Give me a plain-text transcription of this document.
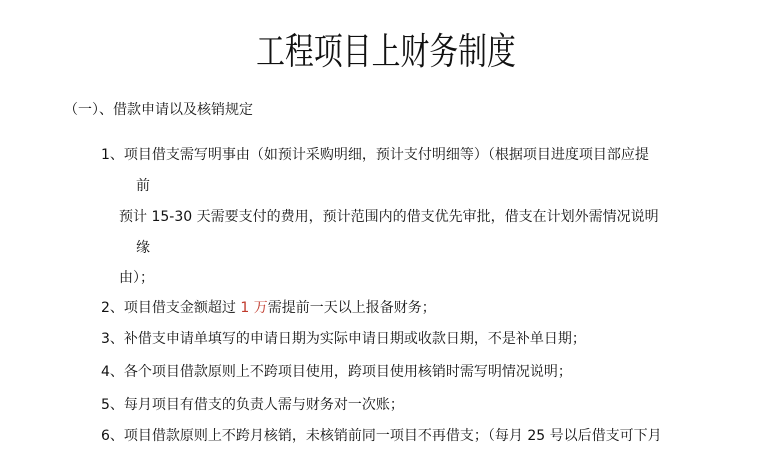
工程项目上财务制度
（一）、借款申请以及核销规定
1、项目借支需写明事由（如预计采购明细，预计支付明细等）（根据项目进度项目部应提
前
预计 15-30 天需要支付的费用，预计范围内的借支优先审批，借支在计划外需情况说明
缘
由）；
2、项目借支金额超过 1 万需提前一天以上报备财务；
3、补借支申请单填写的申请日期为实际申请日期或收款日期，不是补单日期；
4、各个项目借款原则上不跨项目使用，跨项目使用核销时需写明情况说明；
5、每月项目有借支的负责人需与财务对一次账；
6、项目借款原则上不跨月核销，未核销前同一项目不再借支；（每月 25 号以后借支可下月
